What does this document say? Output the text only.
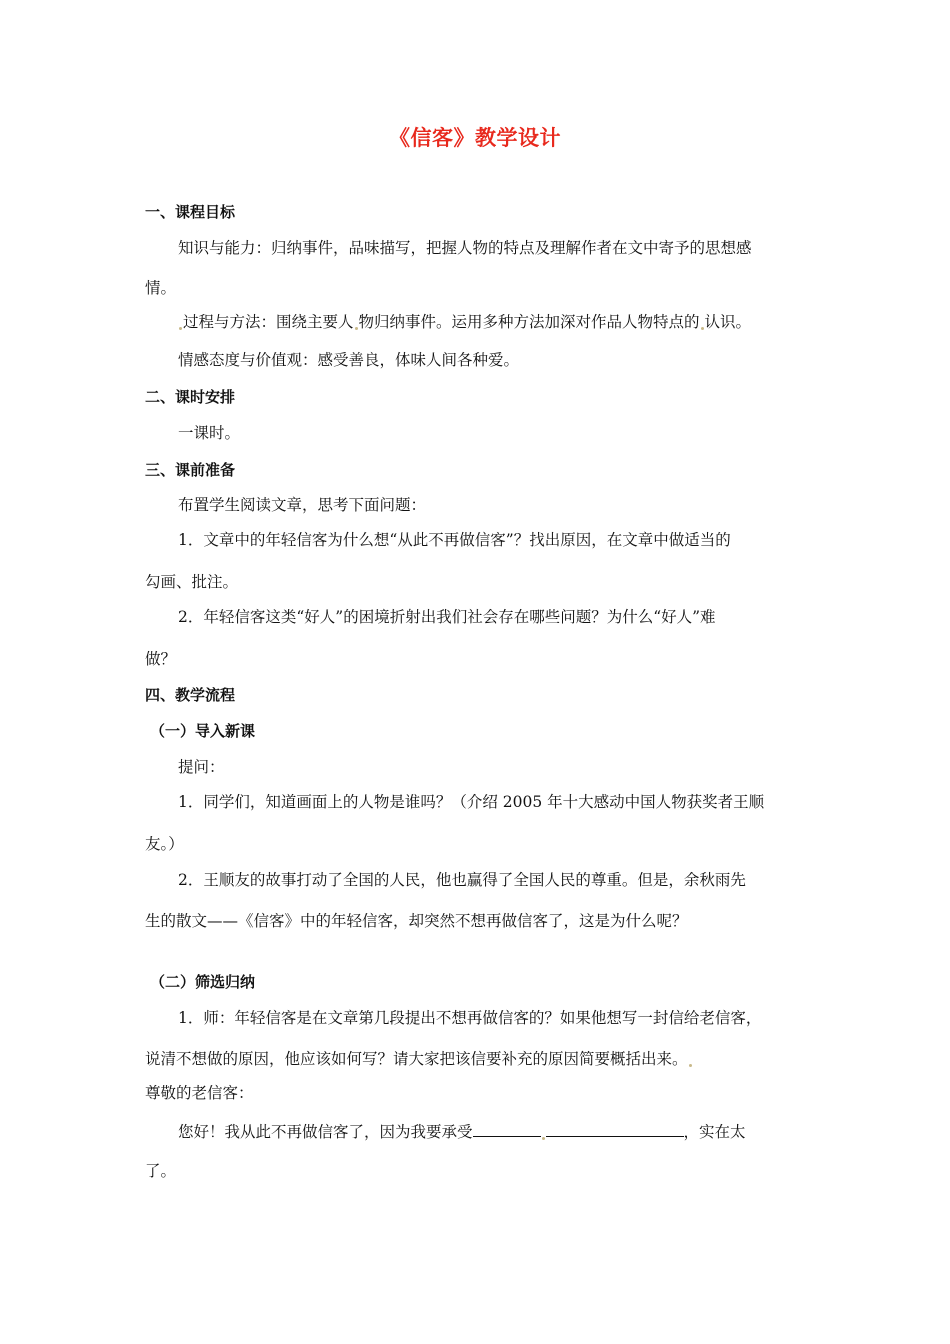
《信客》教学设计
一、课程目标
知识与能力：归纳事件，品味描写，把握人物的特点及理解作者在文中寄予的思想感
情。
过程与方法：围绕主要人 物归纳事件。运用多种方法加深对作品人物特点的 认识。
情感态度与价值观：感受善良，体味人间各种爱。
二、课时安排
一课时。
三、课前准备
布置学生阅读文章，思考下面问题：
1．文章中的年轻信客为什么想“从此不再做信客”？找出原因，在文章中做适当的
勾画、批注。
2．年轻信客这类“好人”的困境折射出我们社会存在哪些问题？为什么“好人”难
做？
四、教学流程
（一）导入新课
提问：
1．同学们，知道画面上的人物是谁吗？（介绍 2005 年十大感动中国人物获奖者王顺
友。）
2．王顺友的故事打动了全国的人民，他也赢得了全国人民的尊重。但是，余秋雨先
生的散文——《信客》中的年轻信客，却突然不想再做信客了，这是为什么呢？
（二）筛选归纳
1．师：年轻信客是在文章第几段提出不想再做信客的？如果他想写一封信给老信客，
说清不想做的原因，他应该如何写？请大家把该信要补充的原因简要概括出来。
尊敬的老信客：
您好！我从此不再做信客了，因为我要承受	，实在太
了。
